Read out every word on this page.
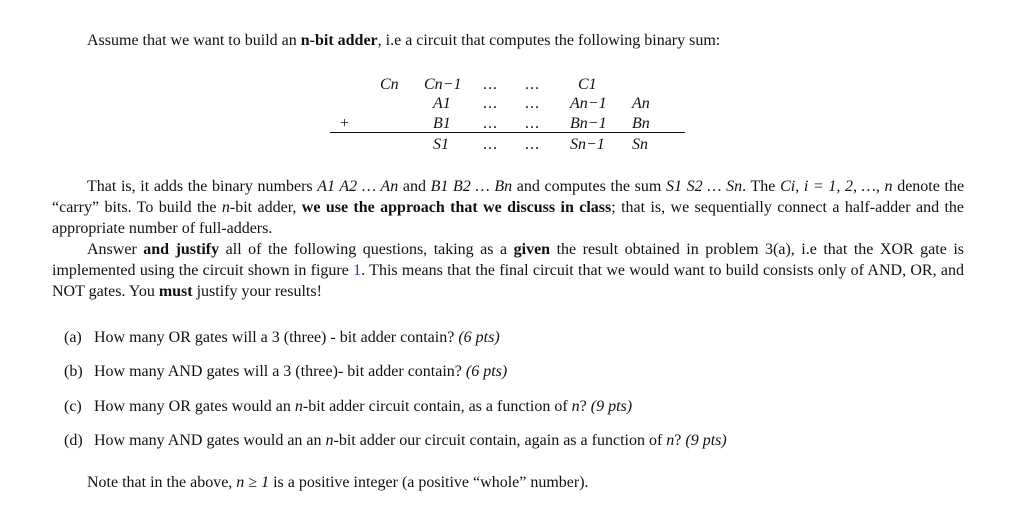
Assume that we want to build an n-bit adder, i.e a circuit that computes the following binary sum:
+
Cn Cn−1 ... ... C1
A1 ... ... An−1 An
B1 ... ... Bn−1 Bn
S1 ... ... Sn−1 Sn

That is, it adds the binary numbers A1 A2 … An and B1 B2 … Bn and computes the sum S1 S2 … Sn. The Ci, i = 1, 2, …, n denote the “carry” bits. To build the n-bit adder, we use the approach that we discuss in class; that is, we sequentially connect a half-adder and the appropriate number of full-adders.

Answer and justify all of the following questions, taking as a given the result obtained in problem 3(a), i.e that the XOR gate is implemented using the circuit shown in figure 1. This means that the final circuit that we would want to build consists only of AND, OR, and NOT gates. You must justify your results!

(a) How many OR gates will a 3 (three) - bit adder contain? (6 pts)
(b) How many AND gates will a 3 (three)- bit adder contain? (6 pts)
(c) How many OR gates would an n-bit adder circuit contain, as a function of n? (9 pts)
(d) How many AND gates would an an n-bit adder our circuit contain, again as a function of n? (9 pts)
Note that in the above, n ≥ 1 is a positive integer (a positive “whole” number).
